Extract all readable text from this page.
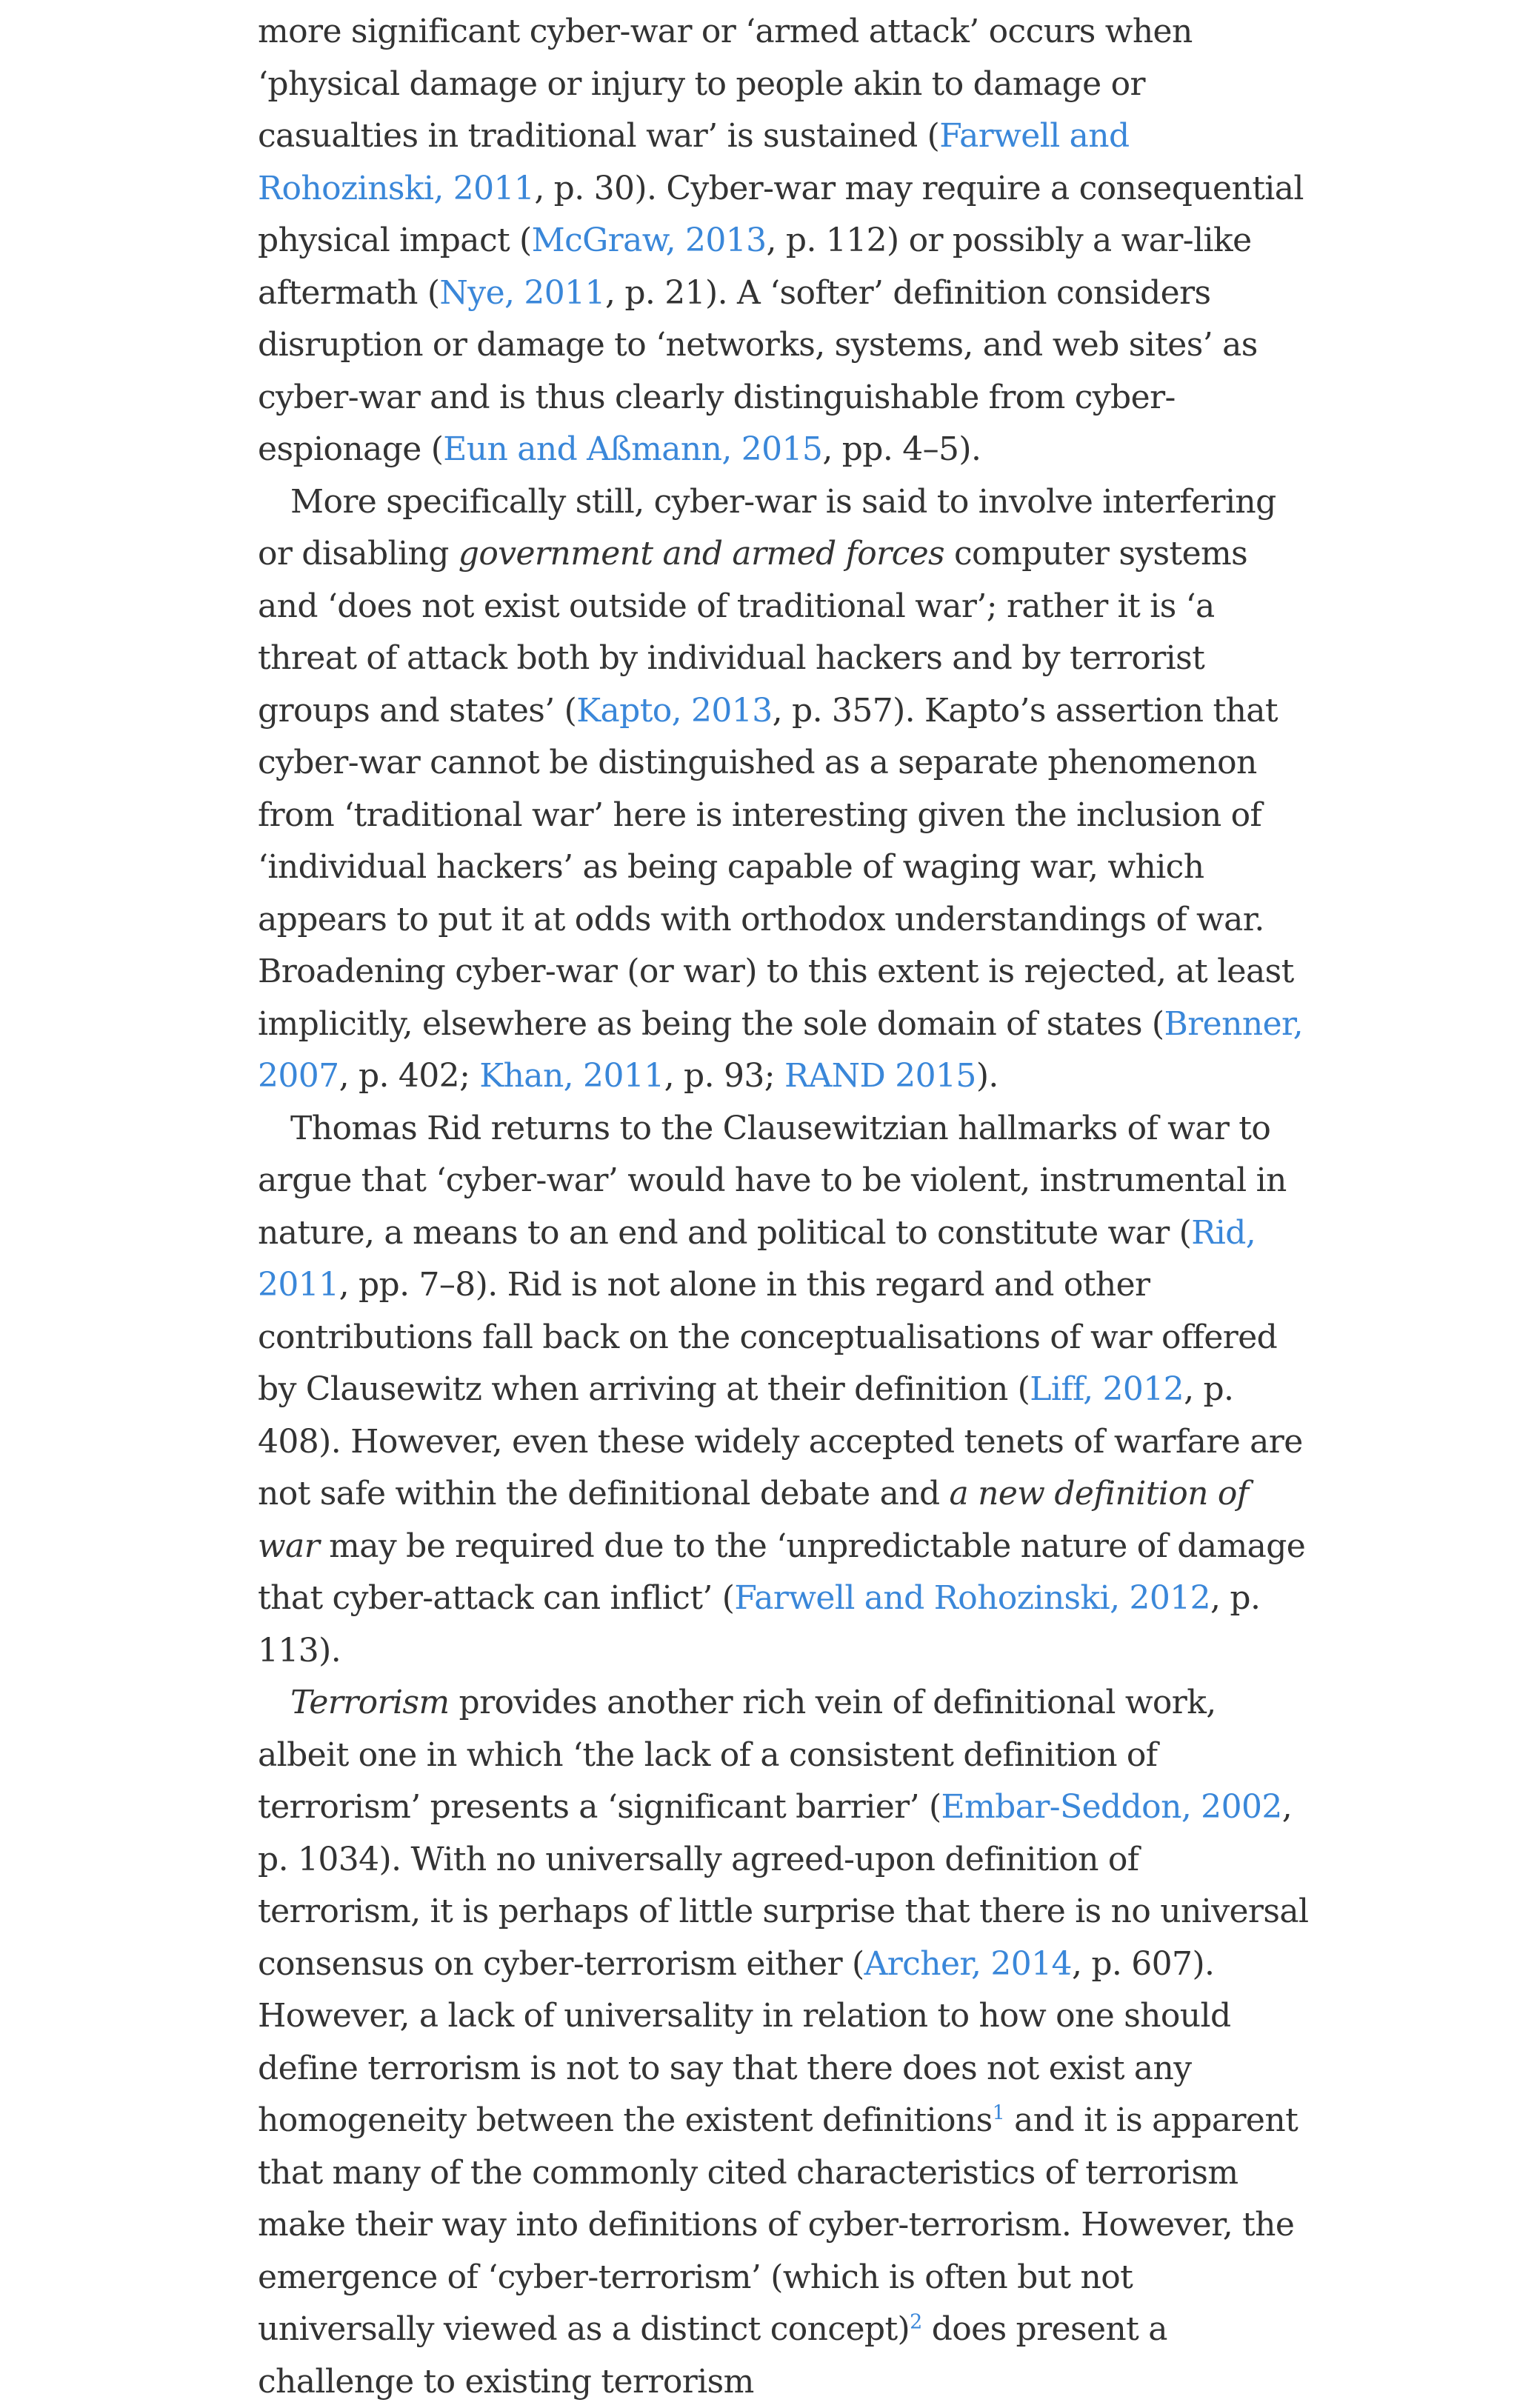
more significant cyber-war or ‘armed attack’ occurs when ‘physical damage or injury to people akin to damage or casualties in traditional war’ is sustained (Farwell and Rohozinski, 2011, p. 30). Cyber-war may require a consequential physical impact (McGraw, 2013, p. 112) or possibly a war-like aftermath (Nye, 2011, p. 21). A ‘softer’ definition considers disruption or damage to ‘networks, systems, and web sites’ as cyber-war and is thus clearly distinguishable from cyber-espionage (Eun and Aßmann, 2015, pp. 4–5).

More specifically still, cyber-war is said to involve interfering or disabling government and armed forces computer systems and ‘does not exist outside of traditional war’; rather it is ‘a threat of attack both by individual hackers and by terrorist groups and states’ (Kapto, 2013, p. 357). Kapto’s assertion that cyber-war cannot be distinguished as a separate phenomenon from ‘traditional war’ here is interesting given the inclusion of ‘individual hackers’ as being capable of waging war, which appears to put it at odds with orthodox understandings of war. Broadening cyber-war (or war) to this extent is rejected, at least implicitly, elsewhere as being the sole domain of states (Brenner, 2007, p. 402; Khan, 2011, p. 93; RAND 2015).

Thomas Rid returns to the Clausewitzian hallmarks of war to argue that ‘cyber-war’ would have to be violent, instrumental in nature, a means to an end and political to constitute war (Rid, 2011, pp. 7–8). Rid is not alone in this regard and other contributions fall back on the conceptualisations of war offered by Clausewitz when arriving at their definition (Liff, 2012, p. 408). However, even these widely accepted tenets of warfare are not safe within the definitional debate and a new definition of war may be required due to the ‘unpredictable nature of damage that cyber-attack can inflict’ (Farwell and Rohozinski, 2012, p. 113).

Terrorism provides another rich vein of definitional work, albeit one in which ‘the lack of a consistent definition of terrorism’ presents a ‘significant barrier’ (Embar-Seddon, 2002, p. 1034). With no universally agreed-upon definition of terrorism, it is perhaps of little surprise that there is no universal consensus on cyber-terrorism either (Archer, 2014, p. 607). However, a lack of universality in relation to how one should define terrorism is not to say that there does not exist any homogeneity between the existent definitions$^1$ and it is apparent that many of the commonly cited characteristics of terrorism make their way into definitions of cyber-terrorism. However, the emergence of ‘cyber-terrorism’ (which is often but not universally viewed as a distinct concept)$^2$ does present a challenge to existing terrorism
